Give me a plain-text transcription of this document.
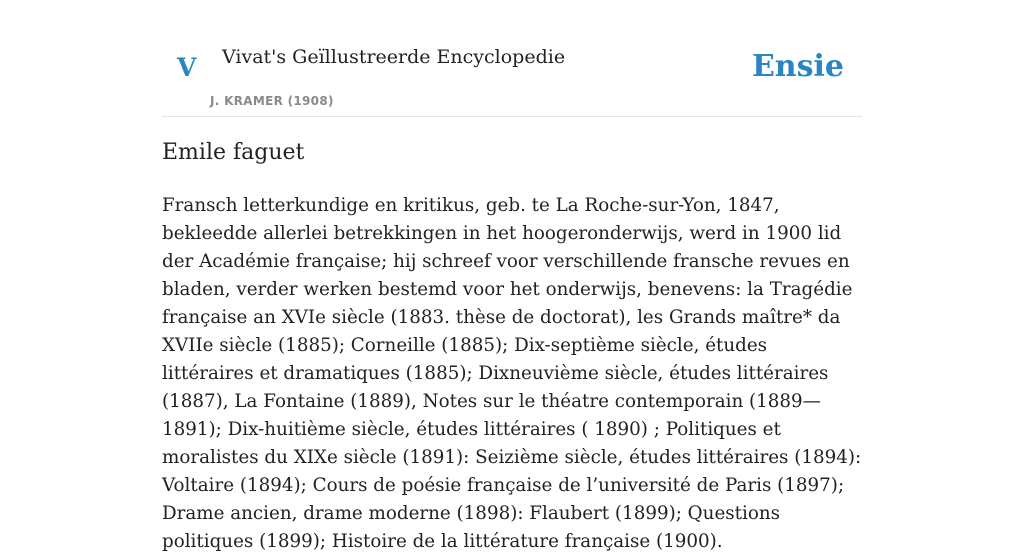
V Vivat's Geïllustreerde Encyclopedie
J. KRAMER (1908)
Ensie
Emile faguet

Fransch letterkundige en kritikus, geb. te La Roche-sur-Yon, 1847, bekleedde allerlei betrekkingen in het hoogeronderwijs, werd in 1900 lid der Académie française; hij schreef voor verschillende fransche revues en bladen, verder werken bestemd voor het onderwijs, benevens: la Tragédie française an XVIe siècle (1883. thèse de doctorat), les Grands maître* da XVIIe siècle (1885); Corneille (1885); Dix-septième siècle, études littéraires et dramatiques (1885); Dixneuvième siècle, études littéraires (1887), La Fontaine (1889), Notes sur le théatre contemporain (1889—1891); Dix-huitième siècle, études littéraires ( 1890) ; Politiques et moralistes du XIXe siècle (1891): Seizième siècle, études littéraires (1894): Voltaire (1894); Cours de poésie française de l’université de Paris (1897); Drame ancien, drame moderne (1898): Flaubert (1899); Questions politiques (1899); Histoire de la littérature française (1900).
